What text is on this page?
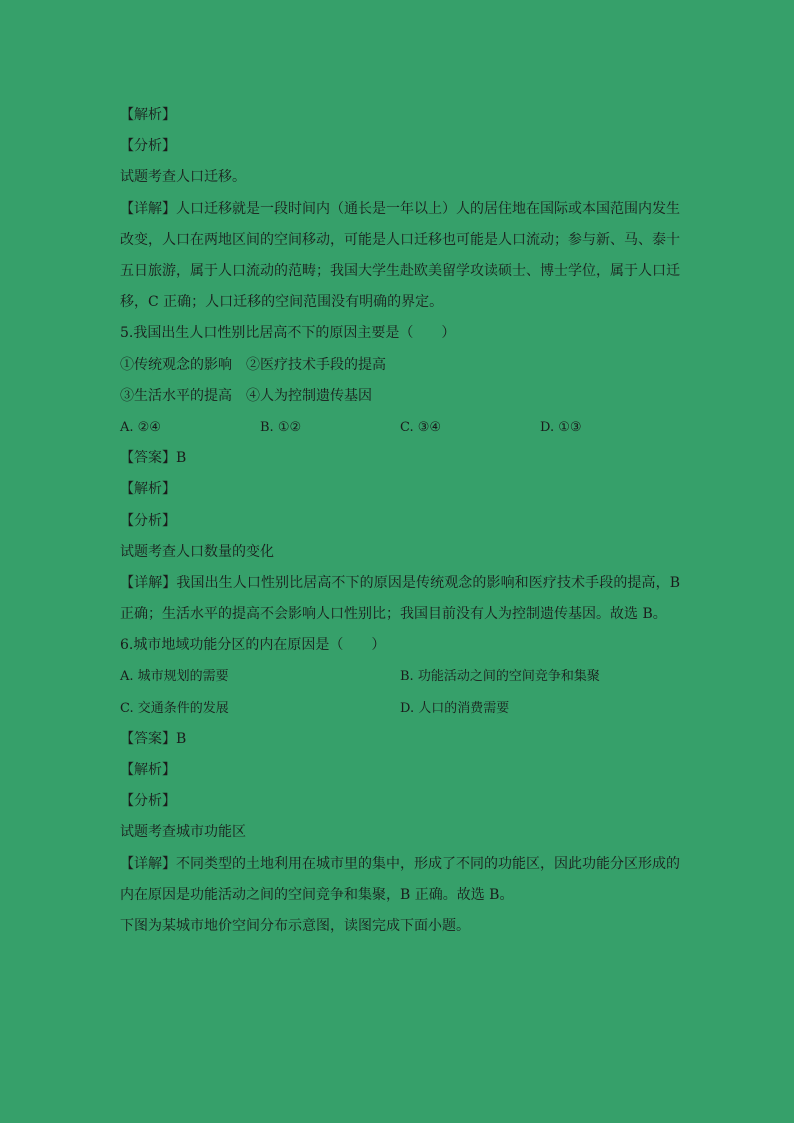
【解析】
【分析】
试题考查人口迁移。
【详解】人口迁移就是一段时间内（通长是一年以上）人的居住地在国际或本国范围内发生改变，人口在两地区间的空间移动，可能是人口迁移也可能是人口流动；参与新、马、泰十五日旅游，属于人口流动的范畴；我国大学生赴欧美留学攻读硕士、博士学位，属于人口迁移，C 正确；人口迁移的空间范围没有明确的界定。
5.我国出生人口性别比居高不下的原因主要是（　　）
①传统观念的影响　②医疗技术手段的提高
③生活水平的提高　④人为控制遗传基因
A. ②④	B. ①②	C. ③④	D. ①③
【答案】B
【解析】
【分析】
试题考查人口数量的变化
【详解】我国出生人口性别比居高不下的原因是传统观念的影响和医疗技术手段的提高，B 正确；生活水平的提高不会影响人口性别比；我国目前没有人为控制遗传基因。故选 B。
6.城市地域功能分区的内在原因是（　　）
A. 城市规划的需要	B. 功能活动之间的空间竞争和集聚
C. 交通条件的发展	D. 人口的消费需要
【答案】B
【解析】
【分析】
试题考查城市功能区
【详解】不同类型的土地利用在城市里的集中，形成了不同的功能区，因此功能分区形成的内在原因是功能活动之间的空间竞争和集聚，B 正确。故选 B。
下图为某城市地价空间分布示意图，读图完成下面小题。
